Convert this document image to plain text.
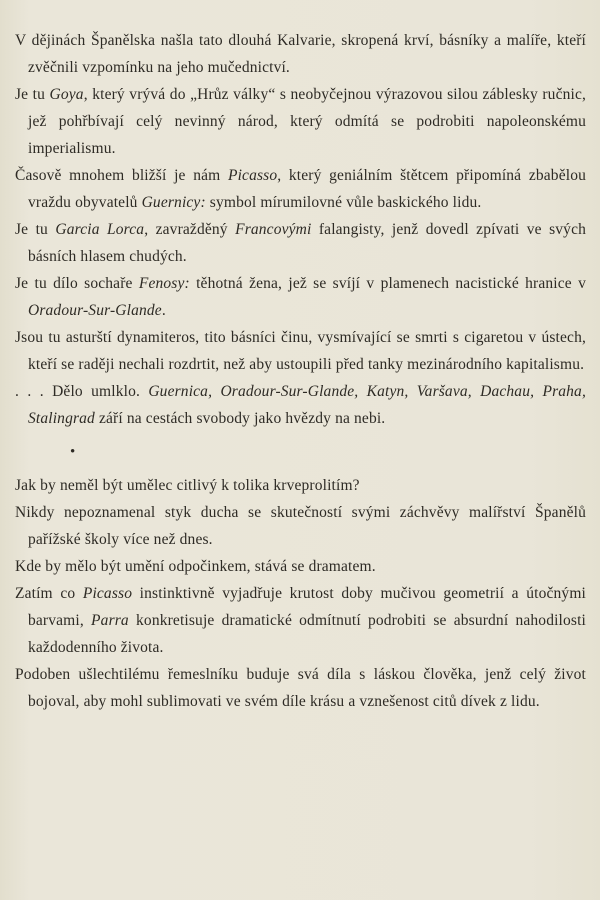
V dějinách Španělska našla tato dlouhá Kalvarie, skropená krví, básníky a malíře, kteří zvěčnili vzpomínku na jeho mučednictví.

Je tu Goya, který vrývá do „Hrůz války“ s neobyčejnou výrazovou silou záblesky ručnic, jež pohřbívají celý nevinný národ, který odmítá se podrobiti napoleonskému imperialismu.

Časově mnohem bližší je nám Picasso, který geniálním štětcem připomíná zbabělou vraždu obyvatelů Guernicy: symbol mírumilovné vůle baskického lidu.

Je tu Garcia Lorca, zavražděný Francovými falangisty, jenž dovedl zpívati ve svých básních hlasem chudých.

Je tu dílo sochaře Fenosy: těhotná žena, jež se svíjí v plamenech nacistické hranice v Oradour-Sur-Glande.

Jsou tu asturští dynamiteros, tito básníci činu, vysmívající se smrti s cigaretou v ústech, kteří se raději nechali rozdrtit, než aby ustoupili před tanky mezinárodního kapitalismu.

. . . Dělo umlklo. Guernica, Oradour-Sur-Glande, Katyn, Varšava, Dachau, Praha, Stalingrad září na cestách svobody jako hvězdy na nebi.

•

Jak by neměl být umělec citlivý k tolika krveprolitím?

Nikdy nepoznamenal styk ducha se skutečností svými záchvěvy malířství Španělů pařížské školy více než dnes.

Kde by mělo být umění odpočinkem, stává se dramatem.

Zatím co Picasso instinktivně vyjadřuje krutost doby mučivou geometrií a útočnými barvami, Parra konkretisuje dramatické odmítnutí podrobiti se absurdní nahodilosti každodenního života.

Podoben ušlechtilému řemeslníku buduje svá díla s láskou člověka, jenž celý život bojoval, aby mohl sublimovati ve svém díle krásu a vznešenost citů dívek z lidu.
